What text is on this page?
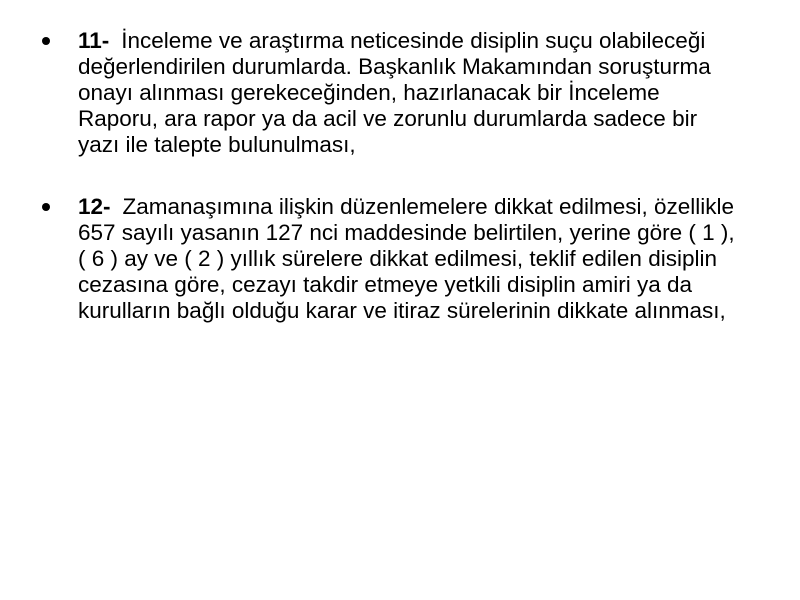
11- İnceleme ve araştırma neticesinde disiplin suçu olabileceği değerlendirilen durumlarda. Başkanlık Makamından soruşturma onayı alınması gerekeceğinden, hazırlanacak bir İnceleme Raporu, ara rapor ya da acil ve zorunlu durumlarda sadece bir yazı ile talepte bulunulması,
12- Zamanaşımına ilişkin düzenlemelere dikkat edilmesi, özellikle 657 sayılı yasanın 127 nci maddesinde belirtilen, yerine göre ( 1 ), ( 6 ) ay ve ( 2 ) yıllık sürelere dikkat edilmesi, teklif edilen disiplin cezasına göre, cezayı takdir etmeye yetkili disiplin amiri ya da kurulların bağlı olduğu karar ve itiraz sürelerinin dikkate alınması,
